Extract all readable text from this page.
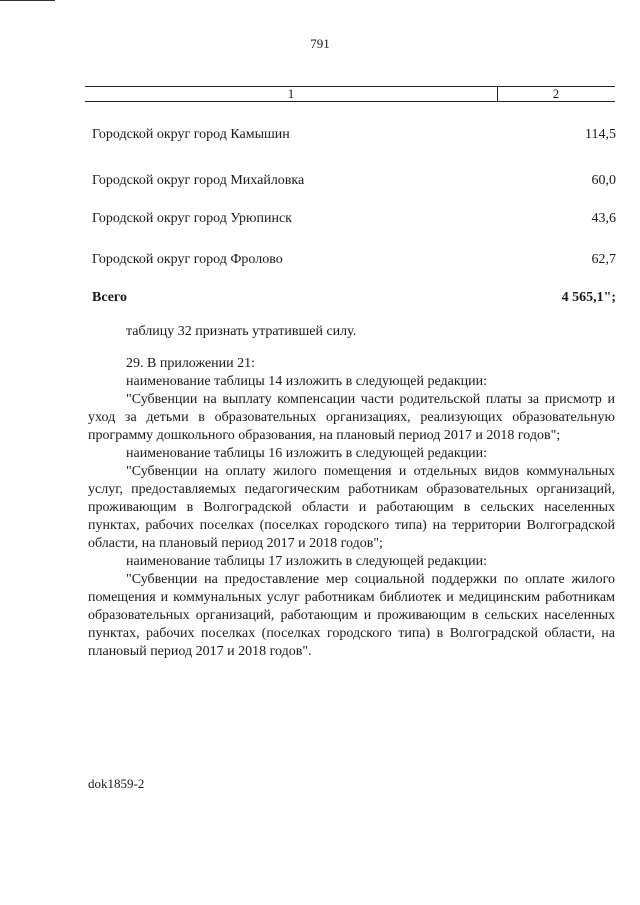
791
1	2
Городской округ город Камышин	114,5
Городской округ город Михайловка	60,0
Городской округ город Урюпинск	43,6
Городской округ город Фролово	62,7
Всего	4 565,1";

таблицу 32 признать утратившей силу.

29. В приложении 21:

наименование таблицы 14 изложить в следующей редакции:

"Субвенции на выплату компенсации части родительской платы за присмотр и уход за детьми в образовательных организациях, реализующих образовательную программу дошкольного образования, на плановый период 2017 и 2018 годов";

наименование таблицы 16 изложить в следующей редакции:

"Субвенции на оплату жилого помещения и отдельных видов коммунальных услуг, предоставляемых педагогическим работникам образовательных организаций, проживающим в Волгоградской области и работающим в сельских населенных пунктах, рабочих поселках (поселках городского типа) на территории Волгоградской области, на плановый период 2017 и 2018 годов";

наименование таблицы 17 изложить в следующей редакции:

"Субвенции на предоставление мер социальной поддержки по оплате жилого помещения и коммунальных услуг работникам библиотек и медицинским работникам образовательных организаций, работающим и проживающим в сельских населенных пунктах, рабочих поселках (поселках городского типа) в Волгоградской области, на плановый период 2017 и 2018 годов".

dok1859-2
